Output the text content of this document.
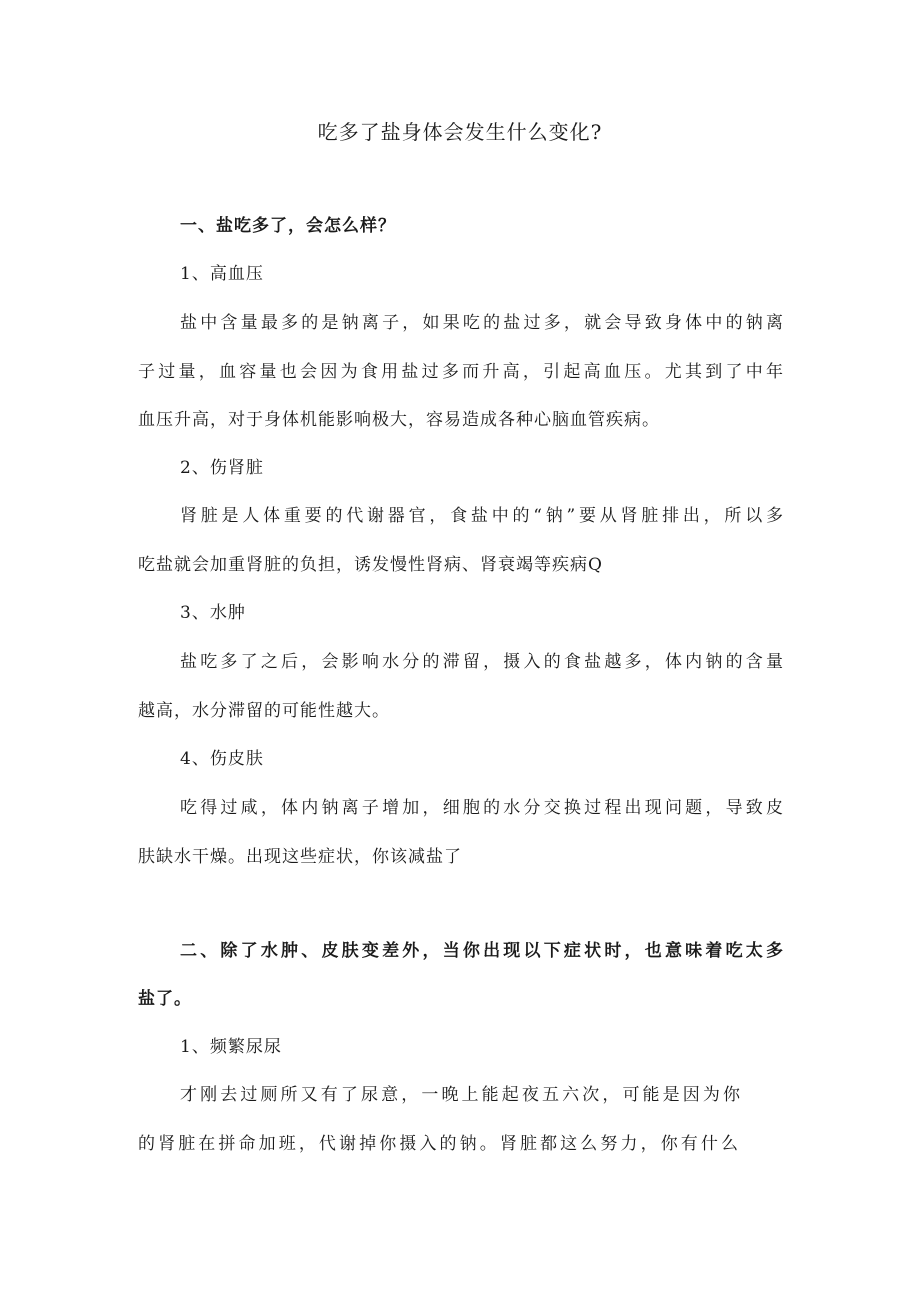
吃多了盐身体会发生什么变化?
一、盐吃多了，会怎么样？
1、高血压
盐中含量最多的是钠离子，如果吃的盐过多，就会导致身体中的钠离
子过量，血容量也会因为食用盐过多而升高，引起高血压。尤其到了中年
血压升高，对于身体机能影响极大，容易造成各种心脑血管疾病。
2、伤肾脏
肾脏是人体重要的代谢器官，食盐中的“钠”要从肾脏排出，所以多
吃盐就会加重肾脏的负担，诱发慢性肾病、肾衰竭等疾病Q
3、水肿
盐吃多了之后，会影响水分的滞留，摄入的食盐越多，体内钠的含量
越高，水分滞留的可能性越大。
4、伤皮肤
吃得过咸，体内钠离子增加，细胞的水分交换过程出现问题，导致皮
肤缺水干燥。出现这些症状，你该减盐了
二、除了水肿、皮肤变差外，当你出现以下症状时，也意味着吃太多
盐了。
1、频繁尿尿
才刚去过厕所又有了尿意，一晚上能起夜五六次，可能是因为你
的肾脏在拼命加班，代谢掉你摄入的钠。肾脏都这么努力，你有什么
